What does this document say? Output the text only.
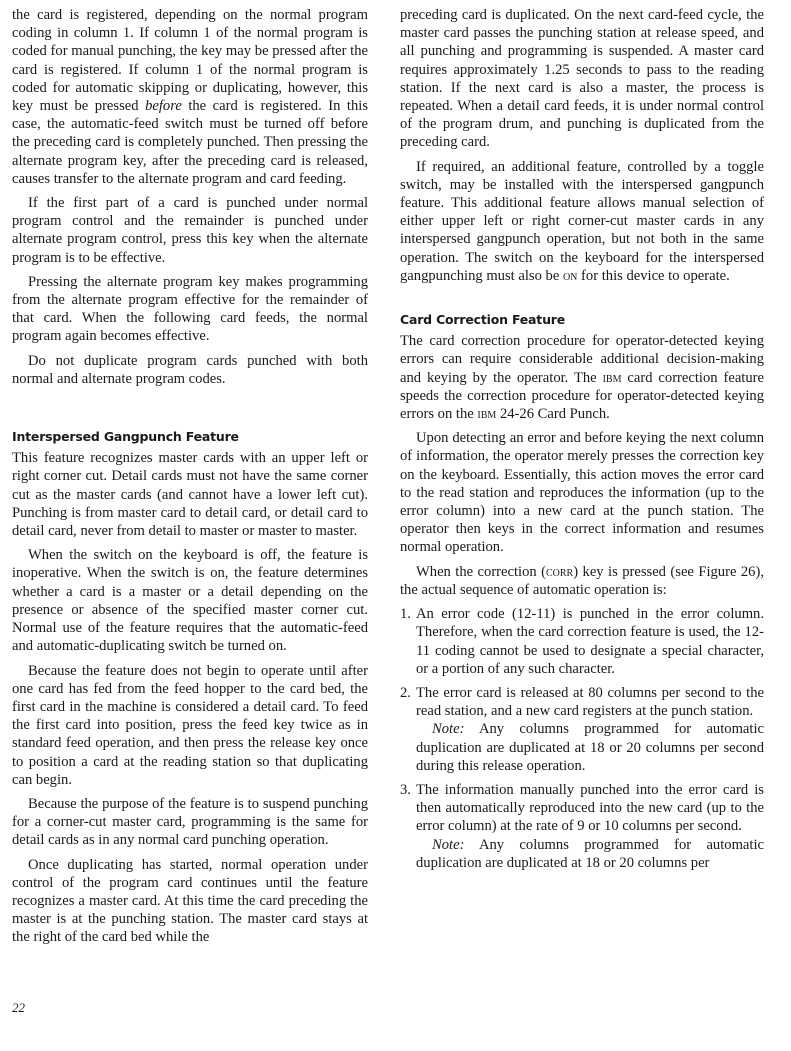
the card is registered, depending on the normal program coding in column 1. If column 1 of the normal program is coded for manual punching, the key may be pressed after the card is registered. If column 1 of the normal program is coded for automatic skipping or duplicating, however, this key must be pressed before the card is registered. In this case, the automatic-feed switch must be turned off before the preceding card is completely punched. Then pressing the alternate program key, after the preceding card is released, causes transfer to the alternate program and card feeding.

If the first part of a card is punched under normal program control and the remainder is punched under alternate program control, press this key when the alternate program is to be effective.

Pressing the alternate program key makes programming from the alternate program effective for the remainder of that card. When the following card feeds, the normal program again becomes effective.

Do not duplicate program cards punched with both normal and alternate program codes.

Interspersed Gangpunch Feature

This feature recognizes master cards with an upper left or right corner cut. Detail cards must not have the same corner cut as the master cards (and cannot have a lower left cut). Punching is from master card to detail card, or detail card to detail card, never from detail to master or master to master.

When the switch on the keyboard is off, the feature is inoperative. When the switch is on, the feature determines whether a card is a master or a detail depending on the presence or absence of the specified master corner cut. Normal use of the feature requires that the automatic-feed and automatic-duplicating switch be turned on.

Because the feature does not begin to operate until after one card has fed from the feed hopper to the card bed, the first card in the machine is considered a detail card. To feed the first card into position, press the feed key twice as in standard feed operation, and then press the release key once to position a card at the reading station so that duplicating can begin.

Because the purpose of the feature is to suspend punching for a corner-cut master card, programming is the same for detail cards as in any normal card punching operation.

Once duplicating has started, normal operation under control of the program card continues until the feature recognizes a master card. At this time the card preceding the master is at the punching station. The master card stays at the right of the card bed while the

preceding card is duplicated. On the next card-feed cycle, the master card passes the punching station at release speed, and all punching and programming is suspended. A master card requires approximately 1.25 seconds to pass to the reading station. If the next card is also a master, the process is repeated. When a detail card feeds, it is under normal control of the program drum, and punching is duplicated from the preceding card.

If required, an additional feature, controlled by a toggle switch, may be installed with the interspersed gangpunch feature. This additional feature allows manual selection of either upper left or right corner-cut master cards in any interspersed gangpunch operation, but not both in the same operation. The switch on the keyboard for the interspersed gangpunching must also be on for this device to operate.

Card Correction Feature

The card correction procedure for operator-detected keying errors can require considerable additional decision-making and keying by the operator. The ibm card correction feature speeds the correction procedure for operator-detected keying errors on the ibm 24-26 Card Punch.

Upon detecting an error and before keying the next column of information, the operator merely presses the correction key on the keyboard. Essentially, this action moves the error card to the read station and reproduces the information (up to the error column) into a new card at the punch station. The operator then keys in the correct information and resumes normal operation.

When the correction (corr) key is pressed (see Figure 26), the actual sequence of automatic operation is:

1. An error code (12-11) is punched in the error column. Therefore, when the card correction feature is used, the 12-11 coding cannot be used to designate a special character, or a portion of any such character.
2. The error card is released at 80 columns per second to the read station, and a new card registers at the punch station.

Note: Any columns programmed for automatic duplication are duplicated at 18 or 20 columns per second during this release operation.

3. The information manually punched into the error card is then automatically reproduced into the new card (up to the error column) at the rate of 9 or 10 columns per second.

Note: Any columns programmed for automatic duplication are duplicated at 18 or 20 columns per

22
